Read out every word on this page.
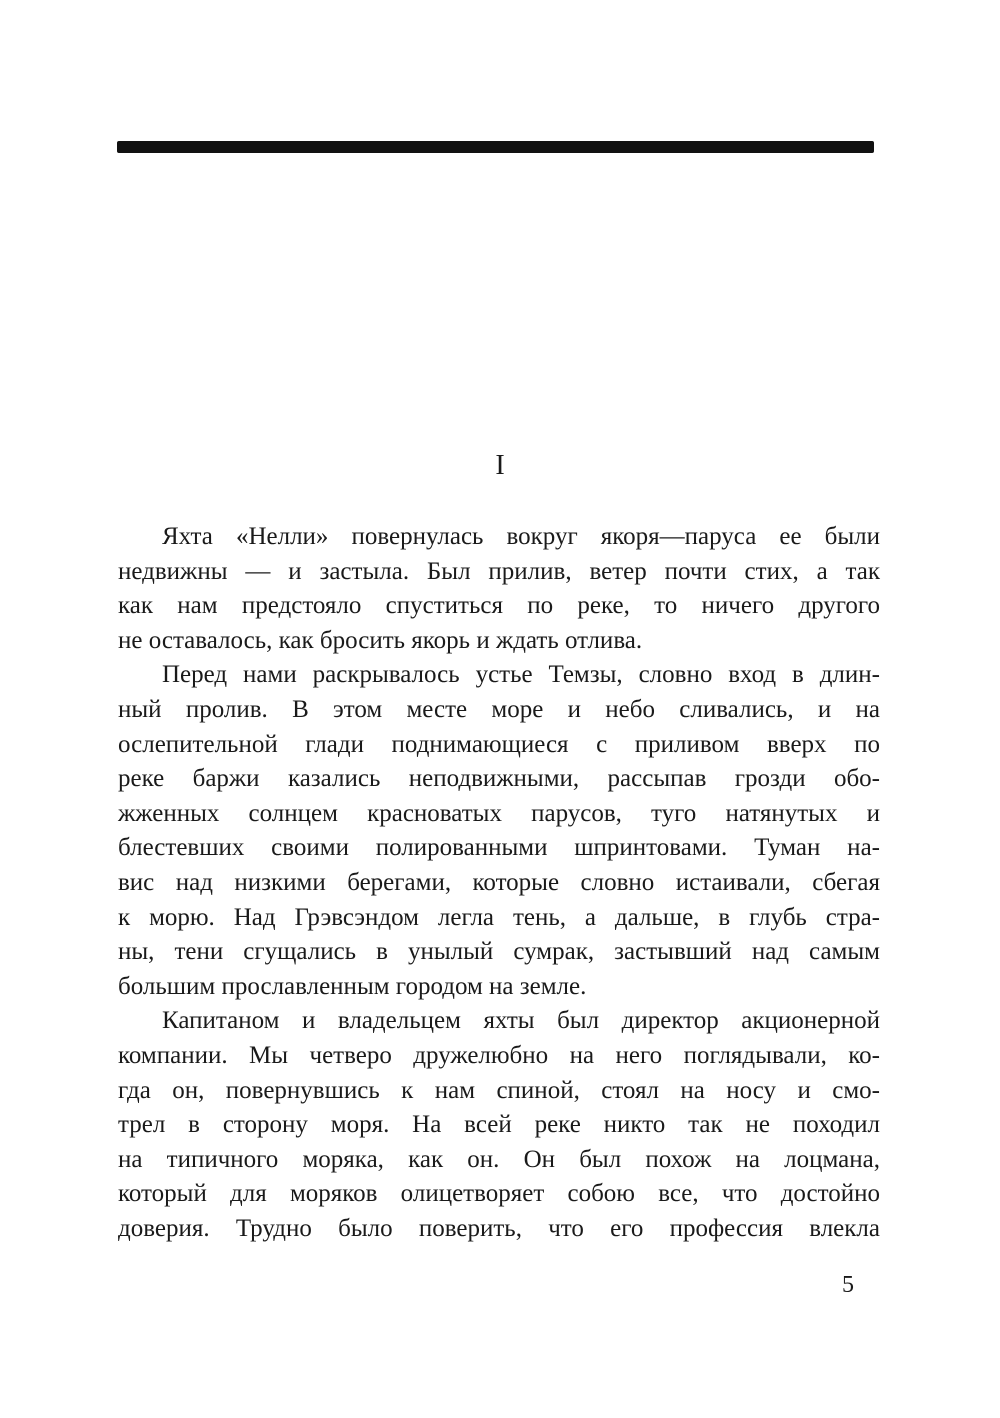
I
Яхта «Нелли» повернулась вокруг якоря—паруса ее были
недвижны — и застыла. Был прилив, ветер почти стих, а так
как нам предстояло спуститься по реке, то ничего другого
не оставалось, как бросить якорь и ждать отлива.
Перед нами раскрывалось устье Темзы, словно вход в длин-
ный пролив. В этом месте море и небо сливались, и на
ослепительной глади поднимающиеся с приливом вверх по
реке баржи казались неподвижными, рассыпав грозди обо-
жженных солнцем красноватых парусов, туго натянутых и
блестевших своими полированными шпринтовами. Туман на-
вис над низкими берегами, которые словно истаивали, сбегая
к морю. Над Грэвсэндом легла тень, а дальше, в глубь стра-
ны, тени сгущались в унылый сумрак, застывший над самым
большим прославленным городом на земле.
Капитаном и владельцем яхты был директор акционерной
компании. Мы четверо дружелюбно на него поглядывали, ко-
гда он, повернувшись к нам спиной, стоял на носу и смо-
трел в сторону моря. На всей реке никто так не походил
на типичного моряка, как он. Он был похож на лоцмана,
который для моряков олицетворяет собою все, что достойно
доверия. Трудно было поверить, что его профессия влекла
5
